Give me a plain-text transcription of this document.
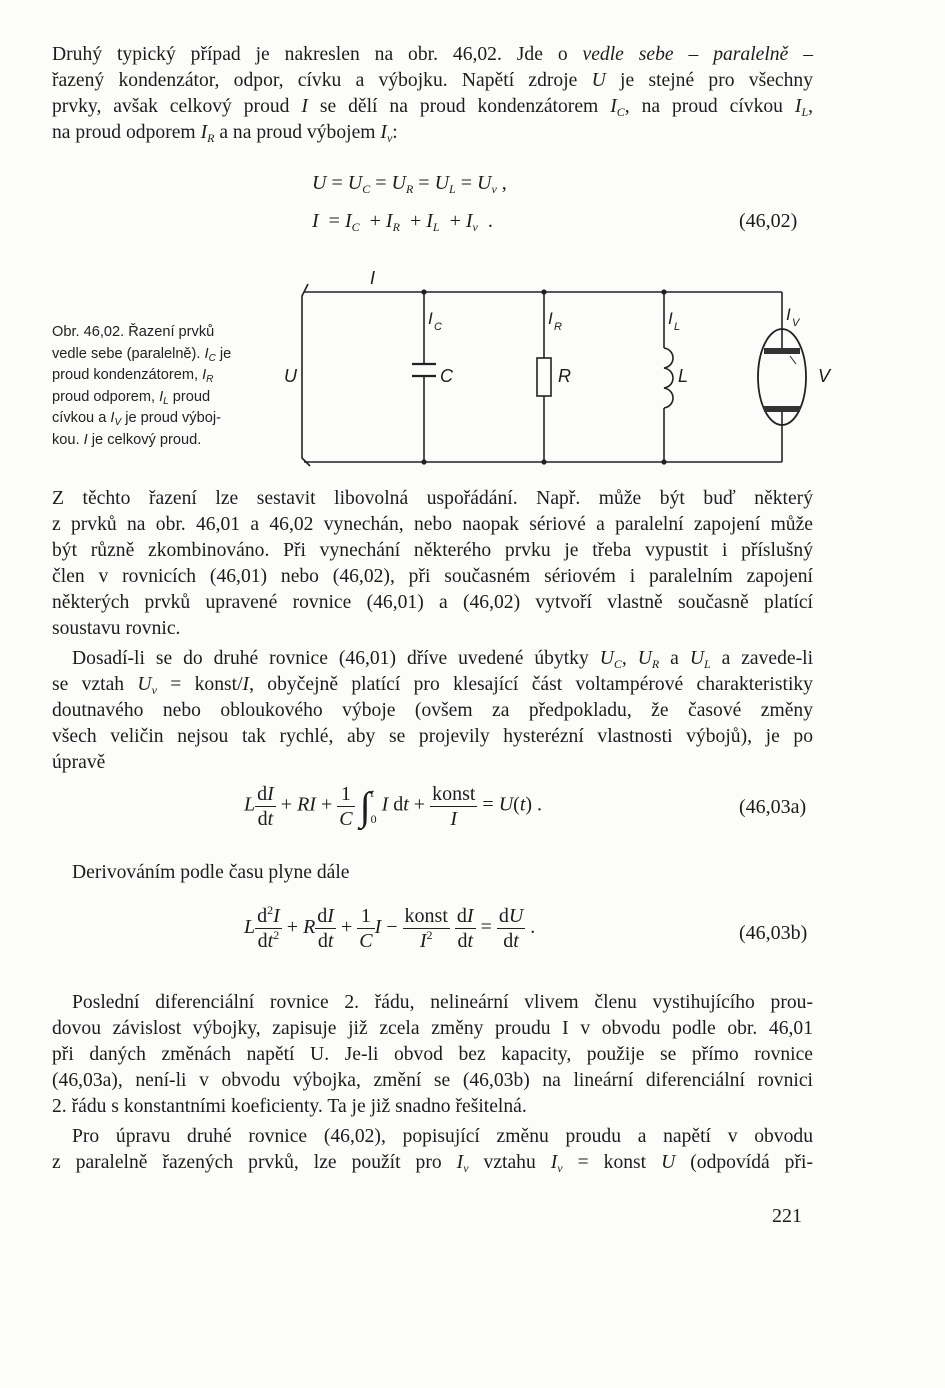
Druhý typický případ je nakreslen na obr. 46,02. Jde o vedle sebe – paralelně –
řazený kondenzátor, odpor, cívku a výbojku. Napětí zdroje U je stejné pro všechny
prvky, avšak celkový proud I se dělí na proud kondenzátorem $I_C$, na proud cívkou $I_L$,
na proud odporem $I_R$ a na proud výbojem $I_v$:
$U = U_C = U_R = U_L = U_v$ ,
$I = I_C + I_R + I_L + I_v$  .	(46,02)
Obr. 46,02. Řazení prvků
vedle sebe (paralelně). $I_C$ je
proud kondenzátorem, $I_R$
proud odporem, $I_L$ proud
cívkou a $I_V$ je proud výboj-
kou. I je celkový proud.
I
U
I C
C
I R
R
I L
L
I V
V
Z těchto řazení lze sestavit libovolná uspořádání. Např. může být buď některý
z prvků na obr. 46,01 a 46,02 vynechán, nebo naopak sériové a paralelní zapojení může
být různě zkombinováno. Při vynechání některého prvku je třeba vypustit i příslušný
člen v rovnicích (46,01) nebo (46,02), při současném sériovém i paralelním zapojení
některých prvků upravené rovnice (46,01) a (46,02) vytvoří vlastně současně platící
soustavu rovnic.
Dosadí-li se do druhé rovnice (46,01) dříve uvedené úbytky $U_C$, $U_R$ a $U_L$ a zavede-li
se vztah $U_v$ = konst/I, obyčejně platící pro klesající část voltampérové charakteristiky
doutnavého nebo obloukového výboje (ovšem za předpokladu, že časové změny
všech veličin nejsou tak rychlé, aby se projevily hysterézní vlastnosti výbojů), je po
úpravě
L $\frac{dI}{dt}$ + RI + $\frac{1}{C} \int t$
0 I dt + $\frac{\text{konst}}{I} = U(t)$ .	(46,03a)
Derivováním podle času plyne dále
L $\frac{d^2I}{dt^2} + R \frac{dI}{dt} + \frac{1}{C}$ $I - \frac{\text{konst}}{I^2}$
$\frac{dI}{dt} = \frac{dU}{dt}$ .	(46,03b)
Poslední diferenciální rovnice 2. řádu, nelineární vlivem členu vystihujícího prou-
dovou závislost výbojky, zapisuje již zcela změny proudu I v obvodu podle obr. 46,01
při daných změnách napětí U. Je-li obvod bez kapacity, použije se přímo rovnice
(46,03a), není-li v obvodu výbojka, změní se (46,03b) na lineární diferenciální rovnici
2. řádu s konstantními koeficienty. Ta je již snadno řešitelná.
Pro úpravu druhé rovnice (46,02), popisující změnu proudu a napětí v obvodu
z paralelně řazených prvků, lze použít pro $I_v$ vztahu $I_v$ = konst U (odpovídá při-
221
